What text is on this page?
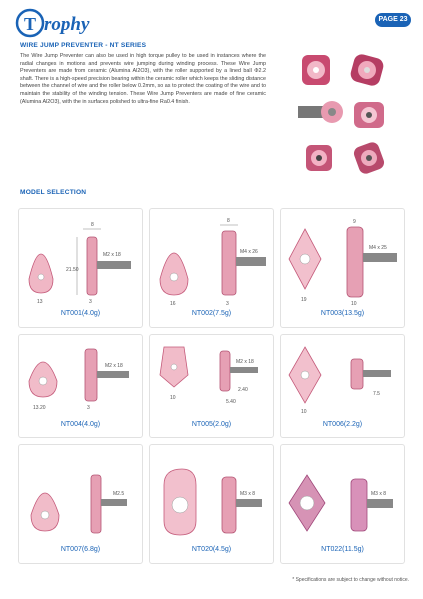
T rophy	PAGE 23
WIRE JUMP PREVENTER - NT SERIES
The Wire Jump Preventer can also be used in high torque pulley to be used in instances where the radial changes in motions and prevents wire jumping during winding process. These Wire Jump Preventers are made from ceramic (Alumina Al2O3), with the roller supported by a lined ball Φ2.2 shaft. There is a high-speed precision bearing within the ceramic roller which keeps the sliding distance between the channel of wire and the roller below 0.2mm, so as to protect the coating of the wire and to maintain the stability of the winding tension. These Wire Jump Preventers are made of fine ceramic (Alumina Al2O3), with the in surfaces polished to ultra-fine Ra0.4 finish.
MODEL SELECTION
8
M2 x 18
21.50
13	3
NT001(4.0g)
8
M4 x 26
16	3
NT002(7.5g)
9
M4 x 25
19
10
NT003(13.5g)
M2 x 18
13.20	3
NT004(4.0g)
M2 x 18
10
2.40
5.40
NT005(2.0g)
10
7.5
NT006(2.2g)
M2.5
NT007(6.8g)
M3 x 8
NT020(4.5g)
M3 x 8
NT022(11.5g)
* Specifications are subject to change without notice.
